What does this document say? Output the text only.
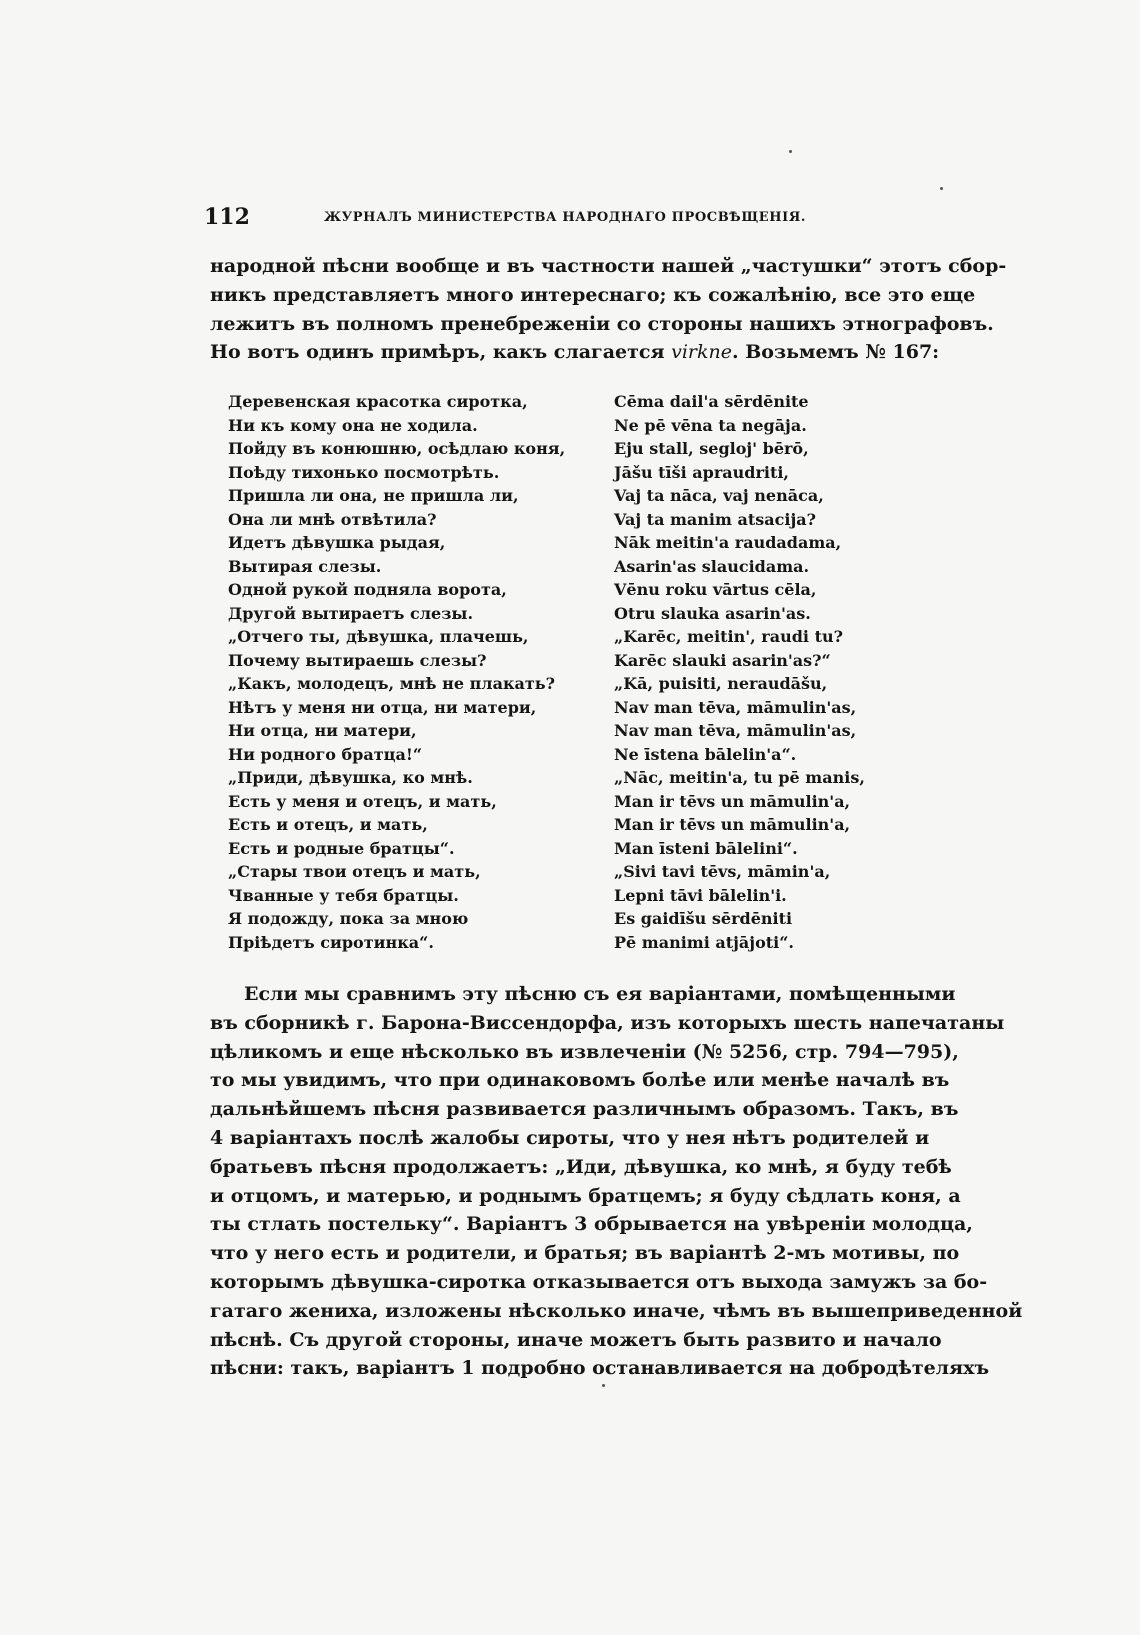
112	ЖУРНАЛЪ МИНИСТЕРСТВА НАРОДНАГО ПРОСВѢЩЕНІЯ.
народной пѣсни вообще и въ частности нашей „частушки“ этотъ сбор-
никъ представляетъ много интереснаго; къ сожалѣнію, все это еще
лежитъ въ полномъ пренебреженіи со стороны нашихъ этнографовъ.
Но вотъ одинъ примѣръ, какъ слагается virkne. Возьмемъ № 167:
Деревенская красотка сиротка,
Ни къ кому она не ходила.
Пойду въ конюшню, осѣдлаю коня,
Поѣду тихонько посмотрѣть.
Пришла ли она, не пришла ли,
Она ли мнѣ отвѣтила?
Идетъ дѣвушка рыдая,
Вытирая слезы.
Одной рукой подняла ворота,
Другой вытираетъ слезы.
„Отчего ты, дѣвушка, плачешь,
Почему вытираешь слезы?
„Какъ, молодецъ, мнѣ не плакать?
Нѣтъ у меня ни отца, ни матери,
Ни отца, ни матери,
Ни родного братца!“
„Приди, дѣвушка, ко мнѣ.
Есть у меня и отецъ, и мать,
Есть и отецъ, и мать,
Есть и родные братцы“.
„Стары твои отецъ и мать,
Чванные у тебя братцы.
Я подожду, пока за мною
Пріѣдетъ сиротинка“.
Cēma dail'a sērdēnite
Ne pē vēna ta negāja.
Eju stall, segloj' bērō,
Jāšu tīši apraudriti,
Vaj ta nāca, vaj nenāca,
Vaj ta manim atsacija?
Nāk meitin'a raudadama,
Asarin'as slaucidama.
Vēnu roku vārtus cēla,
Otru slauka asarin'as.
„Karēc, meitin', raudi tu?
Karēc slauki asarin'as?“
„Kā, puisiti, neraudāšu,
Nav man tēva, māmulin'as,
Nav man tēva, māmulin'as,
Ne īstena bālelin'a“.
„Nāc, meitin'a, tu pē manis,
Man ir tēvs un māmulin'a,
Man ir tēvs un māmulin'a,
Man īsteni bālelini“.
„Sivi tavi tēvs, māmin'a,
Lepni tāvi bālelin'i.
Es gaidīšu sērdēniti
Pē manimi atjājoti“.
Если мы сравнимъ эту пѣсню съ ея варіантами, помѣщенными
въ сборникѣ г. Барона-Виссендорфа, изъ которыхъ шесть напечатаны
цѣликомъ и еще нѣсколько въ извлеченіи (№ 5256, стр. 794—795),
то мы увидимъ, что при одинаковомъ болѣе или менѣе началѣ въ
дальнѣйшемъ пѣсня развивается различнымъ образомъ. Такъ, въ
4 варіантахъ послѣ жалобы сироты, что у нея нѣтъ родителей и
братьевъ пѣсня продолжаетъ: „Иди, дѣвушка, ко мнѣ, я буду тебѣ
и отцомъ, и матерью, и роднымъ братцемъ; я буду сѣдлать коня, а
ты стлать постельку“. Варіантъ 3 обрывается на увѣреніи молодца,
что у него есть и родители, и братья; въ варіантѣ 2-мъ мотивы, по
которымъ дѣвушка-сиротка отказывается отъ выхода замужъ за бо-
гатаго жениха, изложены нѣсколько иначе, чѣмъ въ вышеприведенной
пѣснѣ. Съ другой стороны, иначе можетъ быть развито и начало
пѣсни: такъ, варіантъ 1 подробно останавливается на добродѣтеляхъ
